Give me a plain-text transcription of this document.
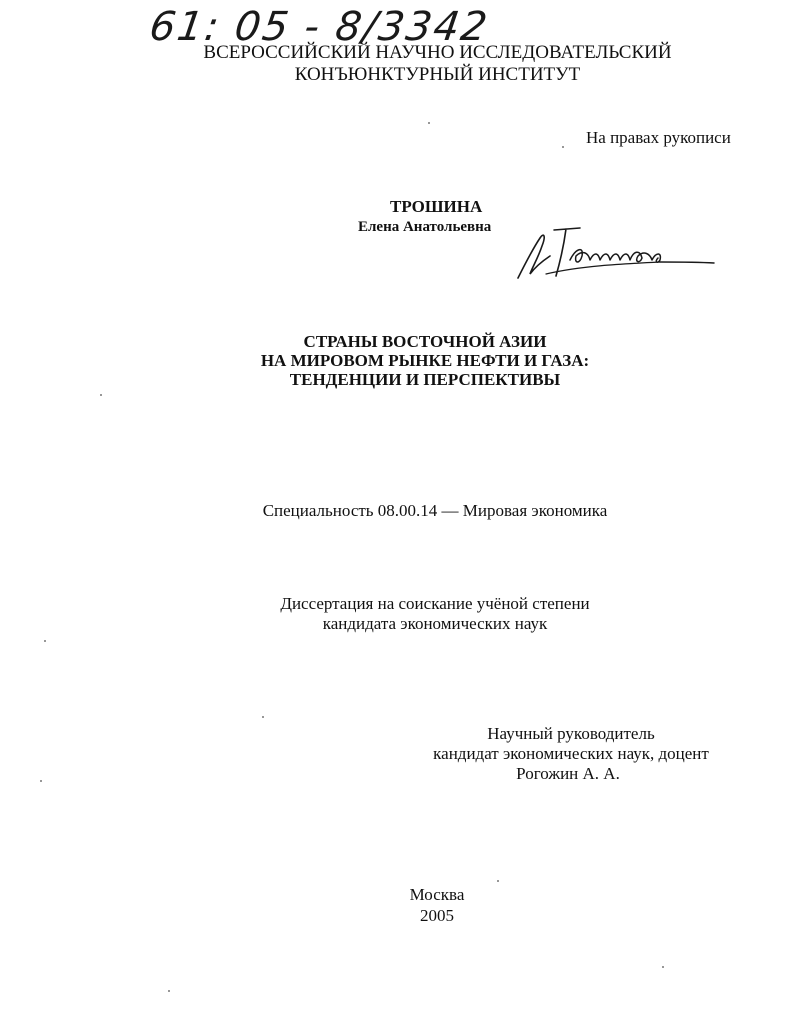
61: 05 - 8/3342
ВСЕРОССИЙСКИЙ НАУЧНО ИССЛЕДОВАТЕЛЬСКИЙ
КОНЪЮНКТУРНЫЙ ИНСТИТУТ
На правах рукописи
ТРОШИНА
Елена Анатольевна
СТРАНЫ ВОСТОЧНОЙ АЗИИ
НА МИРОВОМ РЫНКЕ НЕФТИ И ГАЗА:
ТЕНДЕНЦИИ И ПЕРСПЕКТИВЫ
Специальность 08.00.14 — Мировая экономика
Диссертация на соискание учёной степени
кандидата экономических наук
Научный руководитель
кандидат экономических наук, доцент
Рогожин А. А.
Москва
2005
